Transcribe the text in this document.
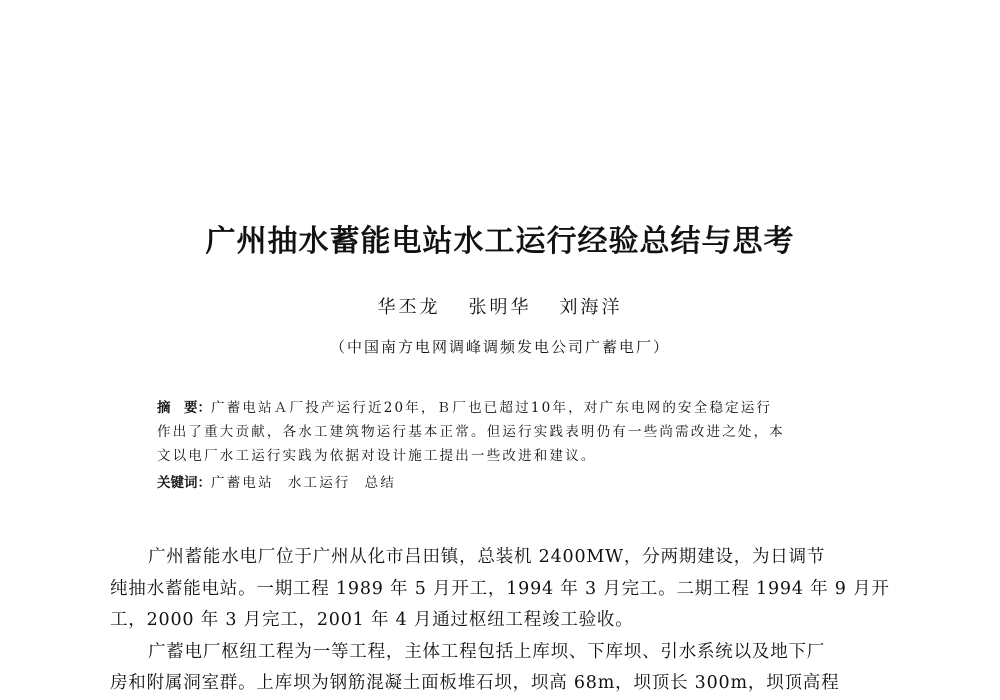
广州抽水蓄能电站水工运行经验总结与思考
华丕龙 张明华 刘海洋
（中国南方电网调峰调频发电公司广蓄电厂）
摘　要：广蓄电站Ａ厂投产运行近20年，Ｂ厂也已超过10年，对广东电网的安全稳定运行
作出了重大贡献，各水工建筑物运行基本正常。但运行实践表明仍有一些尚需改进之处，本
文以电厂水工运行实践为依据对设计施工提出一些改进和建议。
关键词：广蓄电站 水工运行 总结
广州蓄能水电厂位于广州从化市吕田镇，总装机 2400MW，分两期建设，为日调节
纯抽水蓄能电站。一期工程 1989 年 5 月开工，1994 年 3 月完工。二期工程 1994 年 9 月开
工，2000 年 3 月完工，2001 年 4 月通过枢纽工程竣工验收。
广蓄电厂枢纽工程为一等工程，主体工程包括上库坝、下库坝、引水系统以及地下厂
房和附属洞室群。上库坝为钢筋混凝土面板堆石坝，坝高 68m，坝顶长 300m，坝顶高程
